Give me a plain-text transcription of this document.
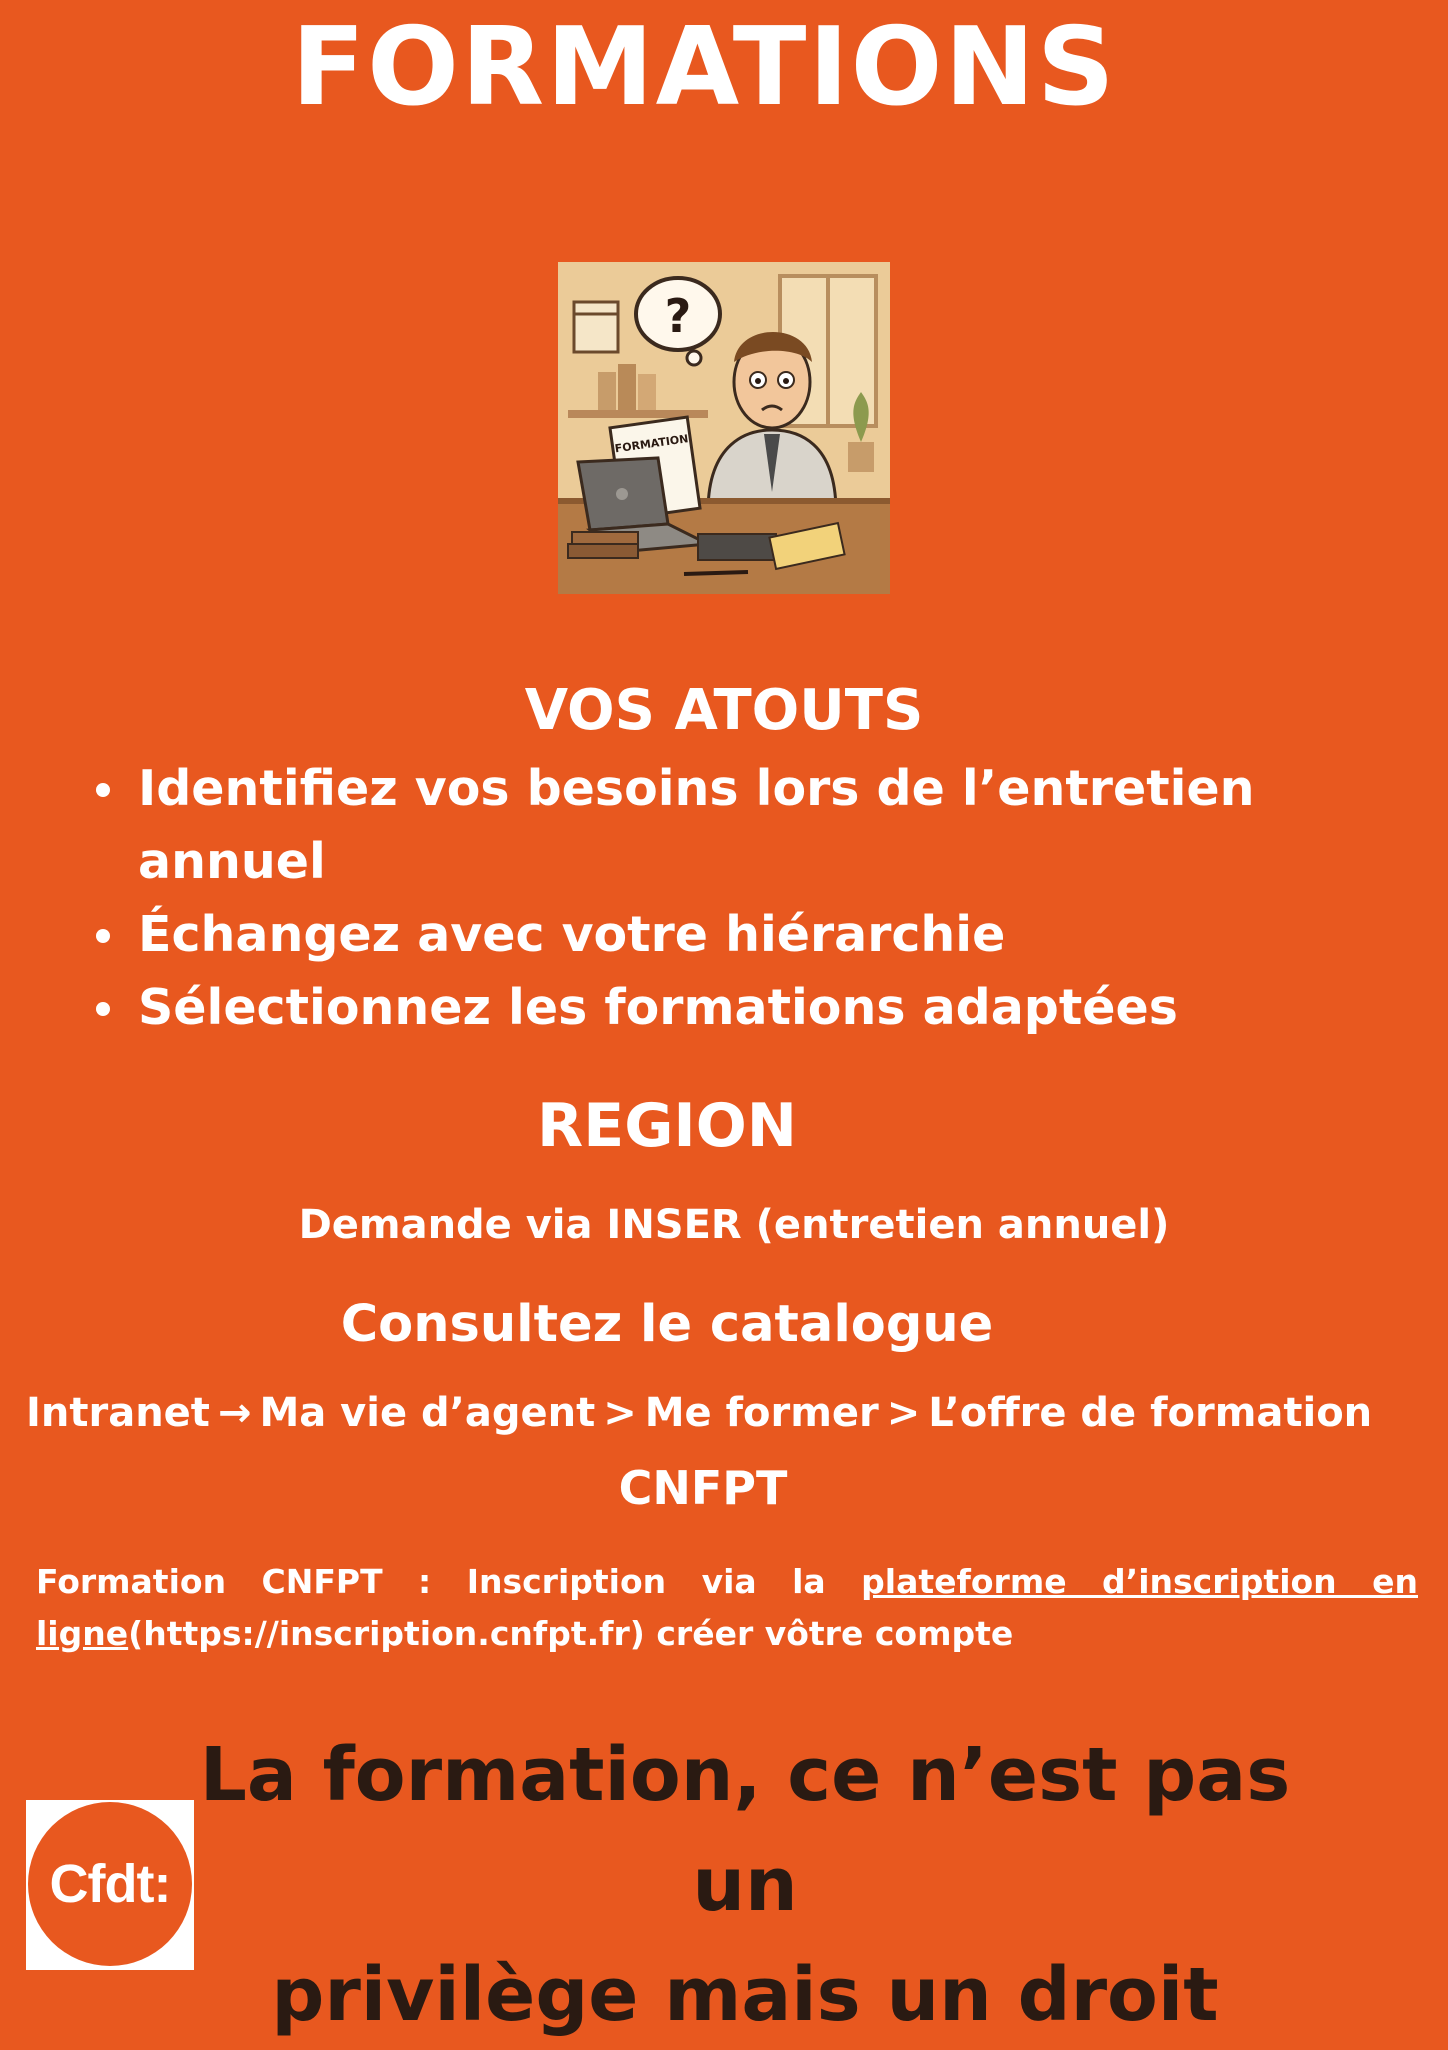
FORMATIONS
?
FORMATION
VOS ATOUTS
Identifiez vos besoins lors de l’entretien annuel
Échangez avec votre hiérarchie
Sélectionnez les formations adaptées
REGION
Demande via INSER (entretien annuel)
Consultez le catalogue
Intranet → Ma vie d’agent > Me former > L’offre de formation
CNFPT
Formation CNFPT : Inscription via la plateforme d’inscription en ligne(https://inscription.cnfpt.fr) créer vôtre compte
La formation, ce n’est pas un
privilège mais un droit
Cfdt:
